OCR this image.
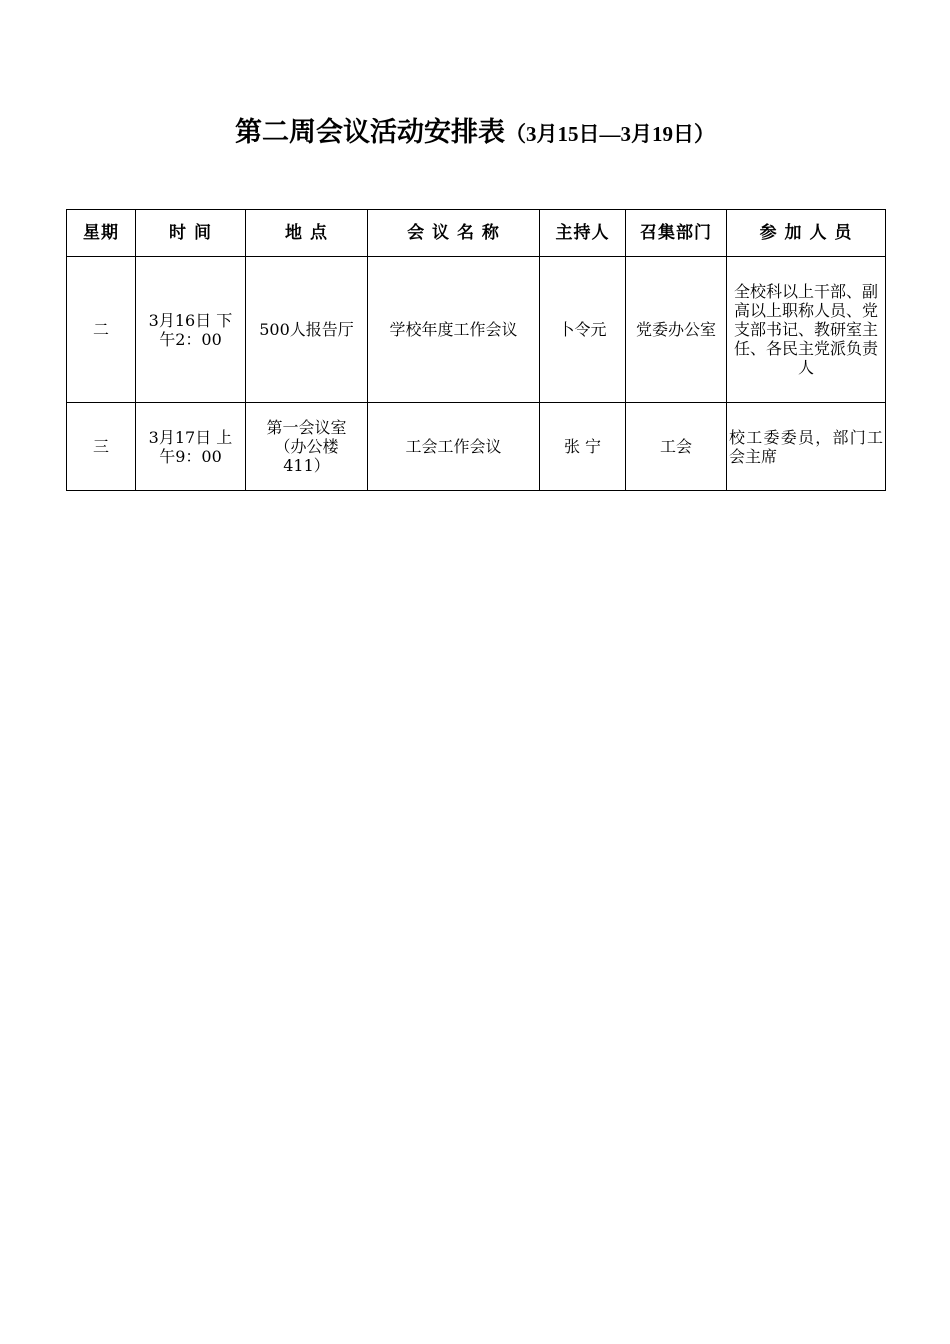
第二周会议活动安排表（3月15日—3月19日）
星期	时 间	地 点	会 议 名 称	主持人	召集部门	参 加 人 员
二	3月16日 下午2：00	500人报告厅	学校年度工作会议	卜令元	党委办公室	全校科以上干部、副高以上职称人员、党支部书记、教研室主任、各民主党派负责人
三	3月17日 上午9：00	第一会议室（办公楼411）	工会工作会议	张 宁	工会	校工委委员，部门工会主席
